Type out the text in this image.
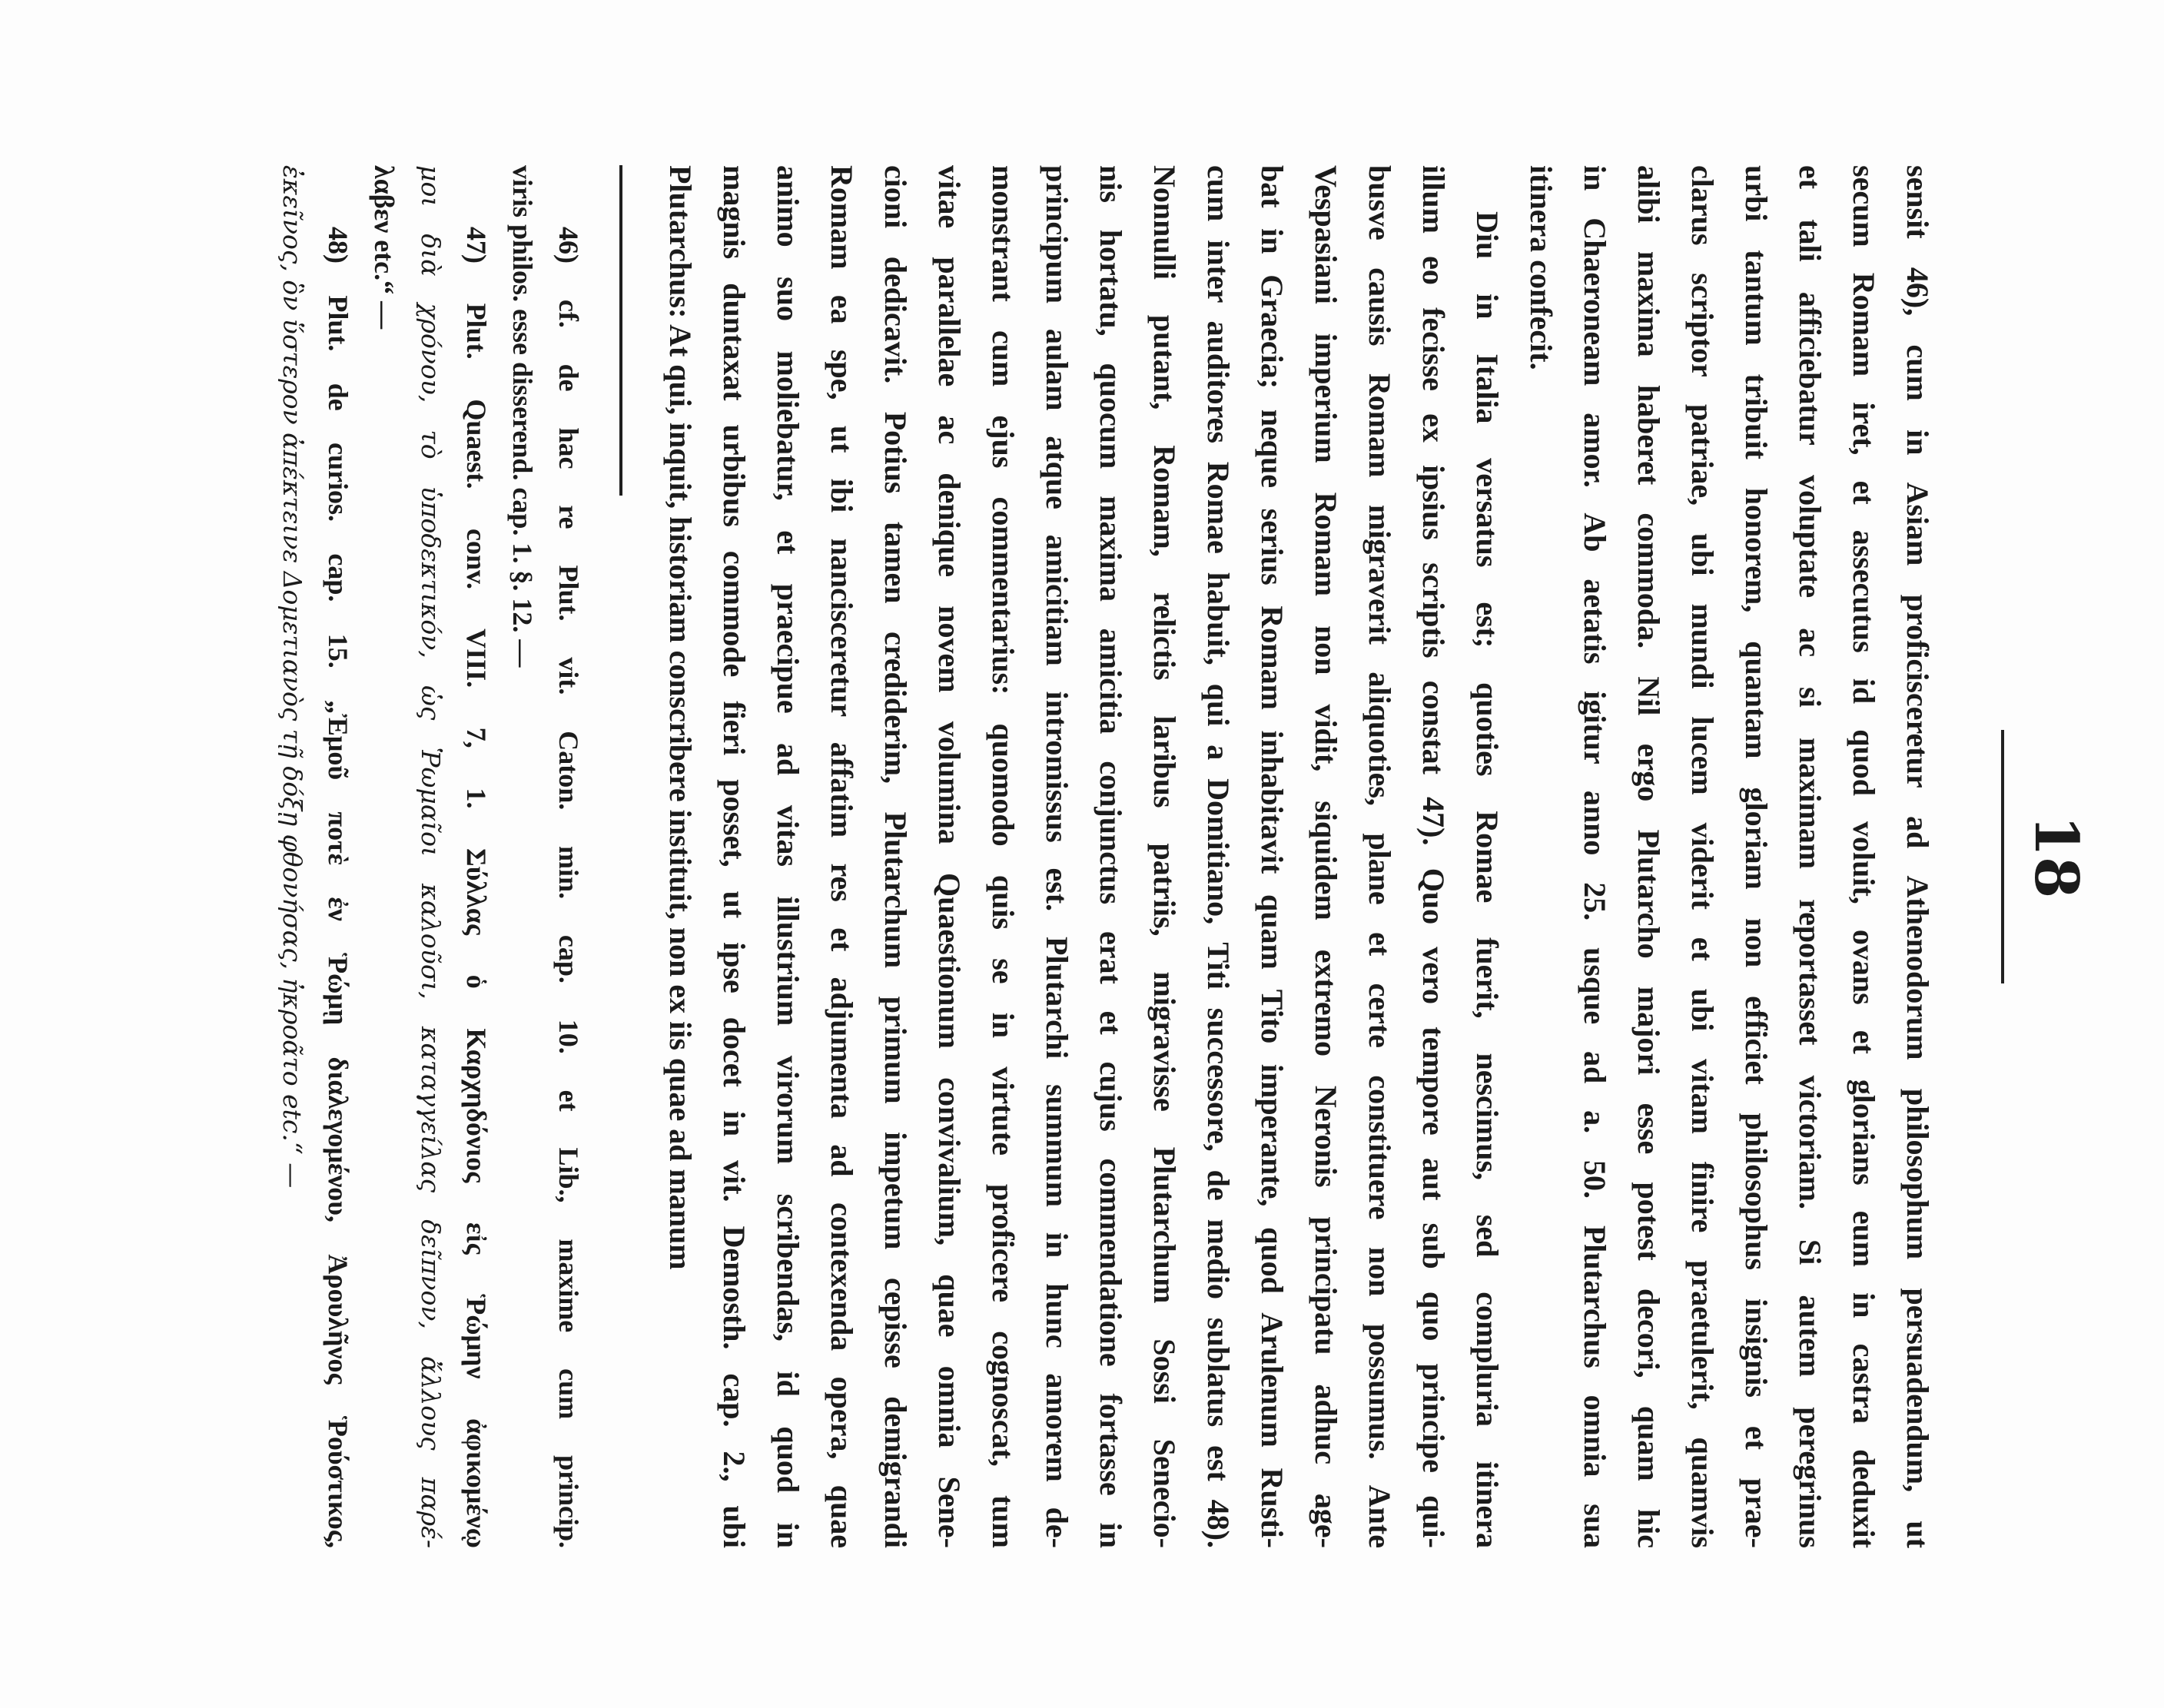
18
sensit 46), cum in Asiam proficisceretur ad Athenodorum philosophum persuadendum, ut
secum Romam iret, et assecutus id quod voluit, ovans et glorians eum in castra deduxit
et tali afficiebatur voluptate ac si maximam reportasset victoriam. Si autem peregrinus
urbi tantum tribuit honorem, quantam gloriam non efficiet philosophus insignis et prae-
clarus scriptor patriae, ubi mundi lucem viderit et ubi vitam finire praetulerit, quamvis
alibi maxima haberet commoda. Nil ergo Plutarcho majori esse potest decori, quam hic
in Chaeroneam amor. Ab aetatis igitur anno 25. usque ad a. 50. Plutarchus omnia sua
itinera confecit.
Diu in Italia versatus est; quoties Romae fuerit, nescimus, sed compluria itinera
illum eo fecisse ex ipsius scriptis constat 47). Quo vero tempore aut sub quo principe qui-
busve causis Romam migraverit aliquoties, plane et certe constituere non possumus. Ante
Vespasiani imperium Romam non vidit, siquidem extremo Neronis principatu adhuc age-
bat in Graecia; neque serius Romam inhabitavit quam Tito imperante, quod Arulenum Rusti-
cum inter auditores Romae habuit, qui a Domitiano, Titi successore, de medio sublatus est 48).
Nonnulli putant, Romam, relictis laribus patriis, migravisse Plutarchum Sossi Senecio-
nis hortatu, quocum maxima amicitia conjunctus erat et cujus commendatione fortasse in
principum aulam atque amicitiam intromissus est. Plutarchi summum in hunc amorem de-
monstrant cum ejus commentarius: quomodo quis se in virtute proficere cognoscat, tum
vitae parallelae ac denique novem volumina Quaestionum convivalium, quae omnia Sene-
cioni dedicavit. Potius tamen crediderim, Plutarchum primum impetum cepisse demigrandi
Romam ea spe, ut ibi nancisceretur affatim res et adjumenta ad contexenda opera, quae
animo suo moliebatur, et praecipue ad vitas illustrium virorum scribendas, id quod in
magnis duntaxat urbibus commode fieri posset, ut ipse docet in vit. Demosth. cap. 2., ubi
Plutarchus: At qui, inquit, historiam conscribere instituit, non ex iis quae ad manum
46) cf. de hac re Plut. vit. Caton. min. cap. 10. et Lib., maxime cum princip.
viris philos. esse disserend. cap. 1. §. 12. —
47) Plut. Quaest. conv. VIII. 7, 1. Σύλλας ὁ Καρχηδόνιος εἰς Ῥώμην ἀφικομένῳ
μοι διὰ χρόνου, τὸ ὑποδεκτικόν, ὡς Ῥωμαῖοι καλοῦσι, καταγγείλας δεῖπνον, ἄλλους παρέ-
λαβεν etc.“ —
48) Plut. de curios. cap. 15. „Ἐμοῦ ποτὲ ἐν Ῥώμῃ διαλεγομένου, Ἀρουλῆνος Ῥούστικος,
ἐκεῖνος, ὃν ὕστερον ἀπέκτεινε Δομετιανὸς τῇ δόξῃ φθονήσας, ἠκροᾶτο etc.“ —
